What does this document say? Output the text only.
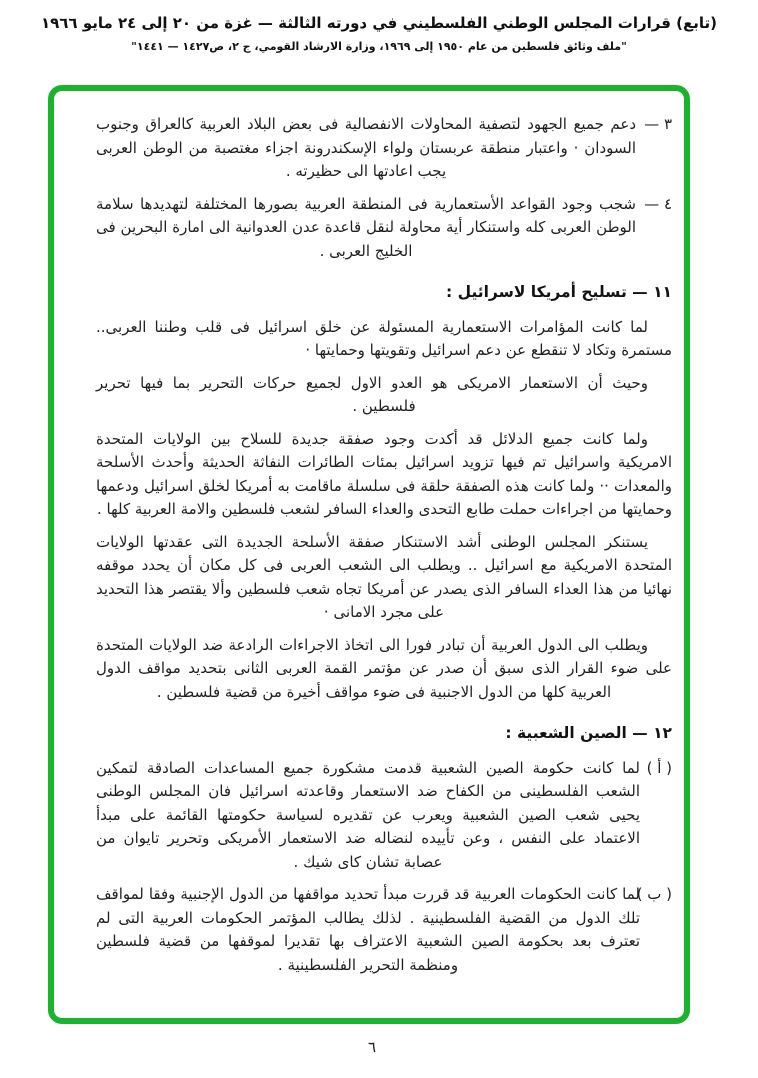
(تابع) قرارات المجلس الوطني الفلسطيني في دورته الثالثة — غزة من ٢٠ إلى ٢٤ مايو ١٩٦٦
"ملف وثائق فلسطين من عام ١٩٥٠ إلى ١٩٦٩، وزارة الارشاد القومي، ج ٢، ص١٤٢٧ — ١٤٤١"
٣ —
دعم جميع الجهود لتصفية المحاولات الانفصالية فى بعض البلاد العربية كالعراق وجنوب السودان · واعتبار منطقة عربستان ولواء الإسكندرونة اجزاء مغتصبة من الوطن العربى يجب اعادتها الى حظيرته .
٤ —
شجب وجود القواعد الأستعمارية فى المنطقة العربية بصورها المختلفة لتهديدها سلامة الوطن العربى كله واستنكار أية محاولة لنقل قاعدة عدن العدوانية الى امارة البحرين فى الخليج العربى .
١١ — تسليح أمريكا لاسرائيل :
لما كانت المؤامرات الاستعمارية المسئولة عن خلق اسرائيل فى قلب وطننا العربى.. مستمرة وتكاد لا تنقطع عن دعم اسرائيل وتقويتها وحمايتها ·
وحيث أن الاستعمار الامريكى هو العدو الاول لجميع حركات التحرير بما فيها تحرير فلسطين .
ولما كانت جميع الدلائل قد أكدت وجود صفقة جديدة للسلاح بين الولايات المتحدة الامريكية واسرائيل تم فيها تزويد اسرائيل بمئات الطائرات النفاثة الحديثة وأحدث الأسلحة والمعدات ·· ولما كانت هذه الصفقة حلقة فى سلسلة ماقامت به أمريكا لخلق اسرائيل ودعمها وحمايتها من اجراءات حملت طابع التحدى والعداء السافر لشعب فلسطين والامة العربية كلها .
يستنكر المجلس الوطنى أشد الاستنكار صفقة الأسلحة الجديدة التى عقدتها الولايات المتحدة الامريكية مع اسرائيل .. ويطلب الى الشعب العربى فى كل مكان أن يحدد موقفه نهائيا من هذا العداء السافر الذى يصدر عن أمريكا تجاه شعب فلسطين وألا يقتصر هذا التحديد على مجرد الامانى ·
ويطلب الى الدول العربية أن تبادر فورا الى اتخاذ الاجراءات الرادعة ضد الولايات المتحدة على ضوء القرار الذى سبق أن صدر عن مؤتمر القمة العربى الثانى بتحديد مواقف الدول العربية كلها من الدول الاجنبية فى ضوء مواقف أخيرة من قضية فلسطين .
١٢ — الصين الشعبية :
( أ )
لما كانت حكومة الصين الشعبية قدمت مشكورة جميع المساعدات الصادقة لتمكين الشعب الفلسطينى من الكفاح ضد الاستعمار وقاعدته اسرائيل فان المجلس الوطنى يحيى شعب الصين الشعبية ويعرب عن تقديره لسياسة حكومتها القائمة على مبدأ الاعتماد على النفس ، وعن تأييده لنضاله ضد الاستعمار الأمريكى وتحرير تايوان من عصابة تشان كاى شيك .
( ب )
لما كانت الحكومات العربية قد قررت مبدأ تحديد مواقفها من الدول الإجنبية وفقا لمواقف تلك الدول من القضية الفلسطينية . لذلك يطالب المؤتمر الحكومات العربية التى لم تعترف بعد بحكومة الصين الشعبية الاعتراف بها تقديرا لموقفها من قضية فلسطين ومنظمة التحرير الفلسطينية .
٦
